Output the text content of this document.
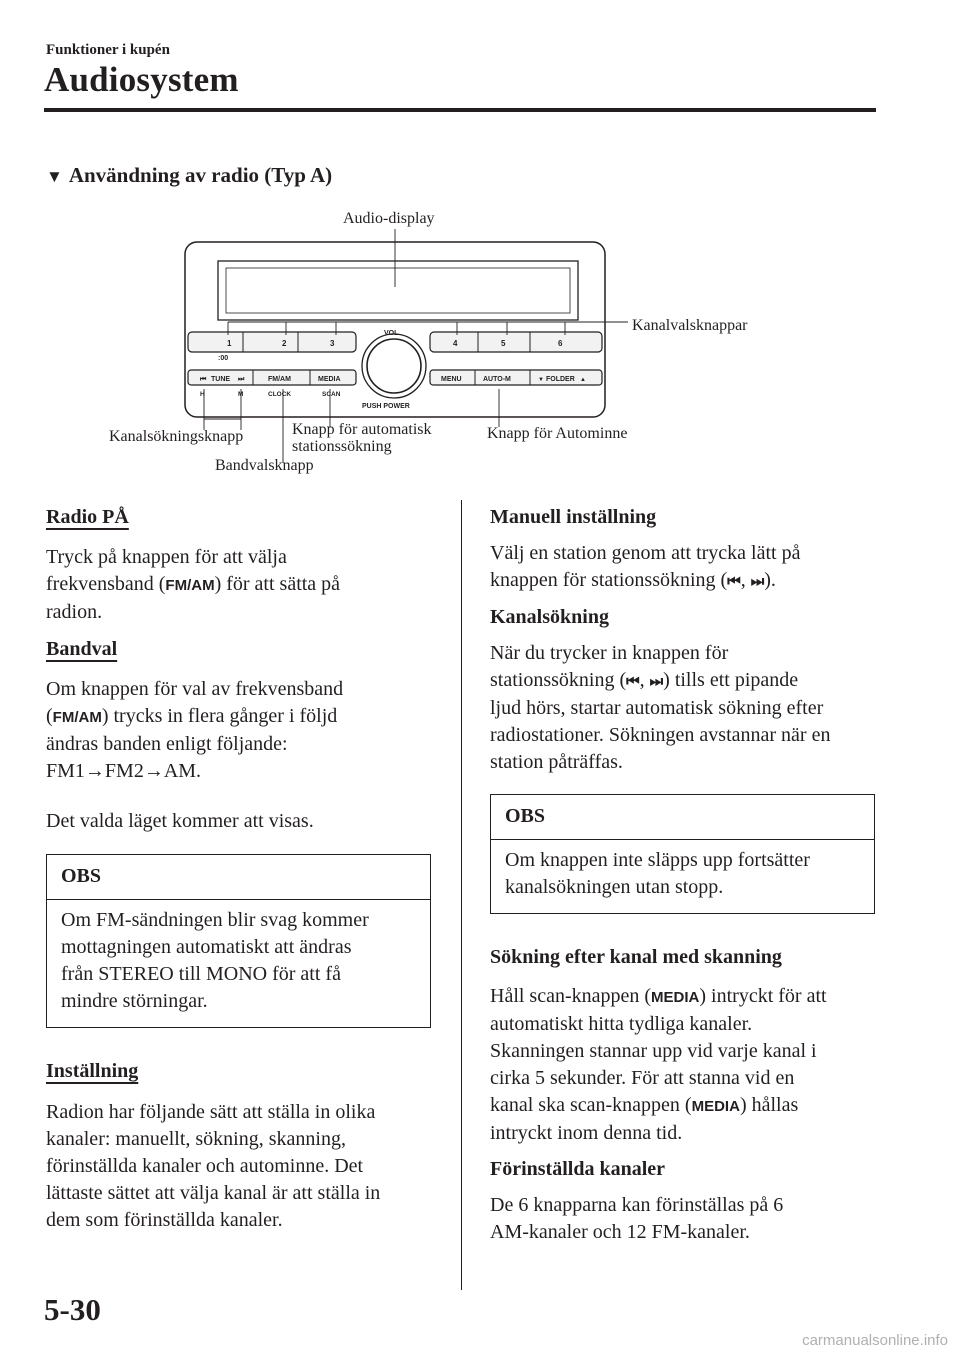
Funktioner i kupén
Audiosystem
▼ Användning av radio (Typ A)
Audio-display
Kanalvalsknappar
Kanalsökningsknapp	Knapp för automatisk
stationssökning
Knapp för Autominne
Bandvalsknapp
1	2	3
:00
4	5	6
VOL
PUSH POWER
⏮ TUNE ⏭	FM/AM	MEDIA
H	M	CLOCK	SCAN
MENU	AUTO-M	▼ FOLDER ▲

Radio PÅ

Tryck på knappen för att välja

frekvensband (FM/AM) för att sätta på

radion.

Bandval

Om knappen för val av frekvensband

(FM/AM) trycks in flera gånger i följd

ändras banden enligt följande:

FM1→FM2→AM.

Det valda läget kommer att visas.

OBS

Om FM-sändningen blir svag kommer

mottagningen automatiskt att ändras

från STEREO till MONO för att få

mindre störningar.

Inställning

Radion har följande sätt att ställa in olika

kanaler: manuellt, sökning, skanning,

förinställda kanaler och autominne. Det

lättaste sättet att välja kanal är att ställa in

dem som förinställda kanaler.

Manuell inställning

Välj en station genom att trycka lätt på

knappen för stationssökning (⏮, ⏭).

Kanalsökning

När du trycker in knappen för

stationssökning (⏮, ⏭) tills ett pipande

ljud hörs, startar automatisk sökning efter

radiostationer. Sökningen avstannar när en

station påträffas.

OBS

Om knappen inte släpps upp fortsätter

kanalsökningen utan stopp.

Sökning efter kanal med skanning

Håll scan-knappen (MEDIA) intryckt för att

automatiskt hitta tydliga kanaler.

Skanningen stannar upp vid varje kanal i

cirka 5 sekunder. För att stanna vid en

kanal ska scan-knappen (MEDIA) hållas

intryckt inom denna tid.

Förinställda kanaler

De 6 knapparna kan förinställas på 6

AM-kanaler och 12 FM-kanaler.

5-30
carmanualsonline.info
